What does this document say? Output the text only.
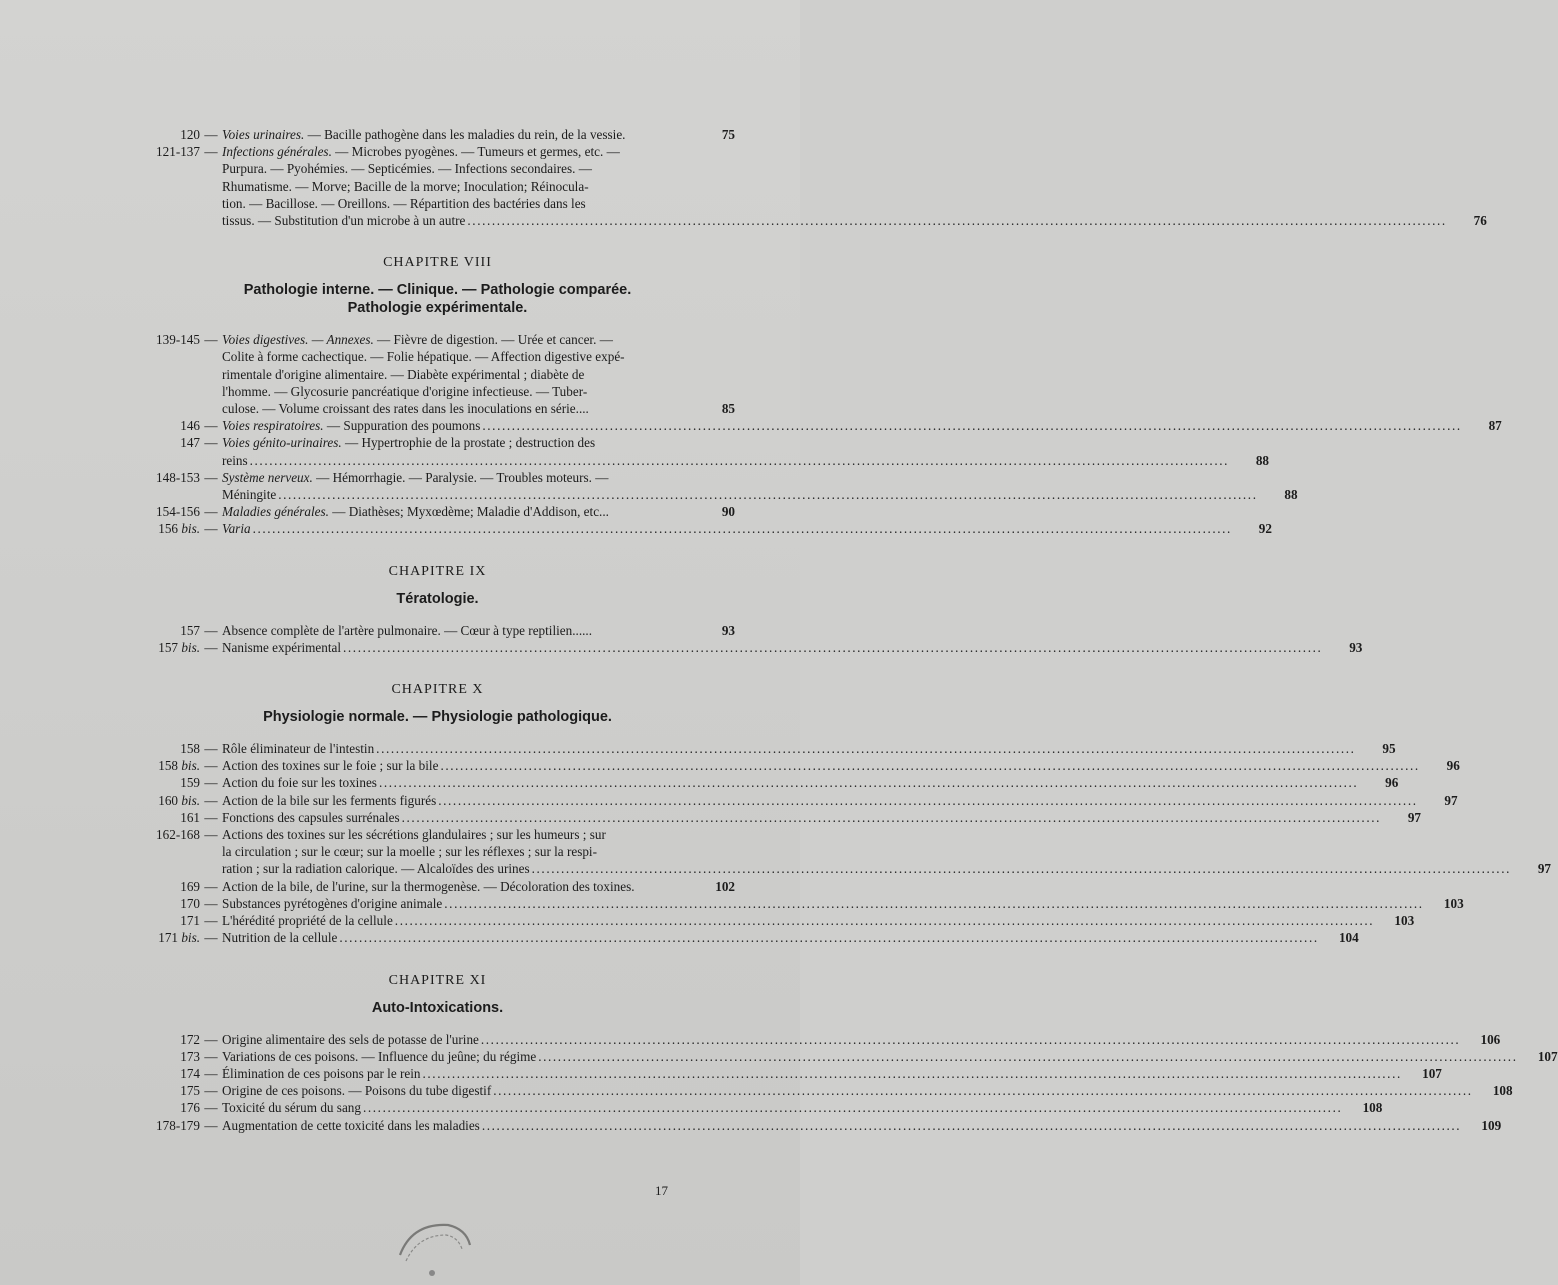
120 — Voies urinaires. — Bacille pathogène dans les maladies du rein, de la vessie.	75
121-137 — Infections générales. — Microbes pyogènes. — Tumeurs et germes, etc. —
Purpura. — Pyohémies. — Septicémies. — Infections secondaires. —
Rhumatisme. — Morve; Bacille de la morve; Inoculation; Réinocula-
tion. — Bacillose. — Oreillons. — Répartition des bactéries dans les
tissus. — Substitution d'un microbe à un autre ........................................................................................................................................................................................................	76
CHAPITRE VIII
Pathologie interne. — Clinique. — Pathologie comparée.
Pathologie expérimentale.
139-145 — Voies digestives. — Annexes. — Fièvre de digestion. — Urée et cancer. —
Colite à forme cachectique. — Folie hépatique. — Affection digestive expé-
rimentale d'origine alimentaire. — Diabète expérimental ; diabète de
l'homme. — Glycosurie pancréatique d'origine infectieuse. — Tuber-
culose. — Volume croissant des rates dans les inoculations en série....	85
146 — Voies respiratoires. — Suppuration des poumons ........................................................................................................................................................................................................	87
147 — Voies génito-urinaires. — Hypertrophie de la prostate ; destruction des
reins ........................................................................................................................................................................................................	88
148-153 — Système nerveux. — Hémorrhagie. — Paralysie. — Troubles moteurs. —
Méningite ........................................................................................................................................................................................................	88
154-156 — Maladies générales. — Diathèses; Myxœdème; Maladie d'Addison, etc...	90
156 bis. — Varia ........................................................................................................................................................................................................	92
CHAPITRE IX
Tératologie.
157 — Absence complète de l'artère pulmonaire. — Cœur à type reptilien......	93
157 bis. — Nanisme expérimental ........................................................................................................................................................................................................	93
CHAPITRE X
Physiologie normale. — Physiologie pathologique.
158 — Rôle éliminateur de l'intestin ........................................................................................................................................................................................................	95
158 bis. — Action des toxines sur le foie ; sur la bile ........................................................................................................................................................................................................	96
159 — Action du foie sur les toxines ........................................................................................................................................................................................................	96
160 bis. — Action de la bile sur les ferments figurés ........................................................................................................................................................................................................	97
161 — Fonctions des capsules surrénales ........................................................................................................................................................................................................	97
162-168 — Actions des toxines sur les sécrétions glandulaires ; sur les humeurs ; sur
la circulation ; sur le cœur; sur la moelle ; sur les réflexes ; sur la respi-
ration ; sur la radiation calorique. — Alcaloïdes des urines ........................................................................................................................................................................................................	97
169 — Action de la bile, de l'urine, sur la thermogenèse. — Décoloration des toxines.	102
170 — Substances pyrétogènes d'origine animale ........................................................................................................................................................................................................	103
171 — L'hérédité propriété de la cellule ........................................................................................................................................................................................................	103
171 bis. — Nutrition de la cellule ........................................................................................................................................................................................................	104
CHAPITRE XI
Auto-Intoxications.
172 — Origine alimentaire des sels de potasse de l'urine ........................................................................................................................................................................................................	106
173 — Variations de ces poisons. — Influence du jeûne; du régime ........................................................................................................................................................................................................	107
174 — Élimination de ces poisons par le rein ........................................................................................................................................................................................................	107
175 — Origine de ces poisons. — Poisons du tube digestif ........................................................................................................................................................................................................	108
176 — Toxicité du sérum du sang ........................................................................................................................................................................................................	108
178-179 — Augmentation de cette toxicité dans les maladies ........................................................................................................................................................................................................	109
17
